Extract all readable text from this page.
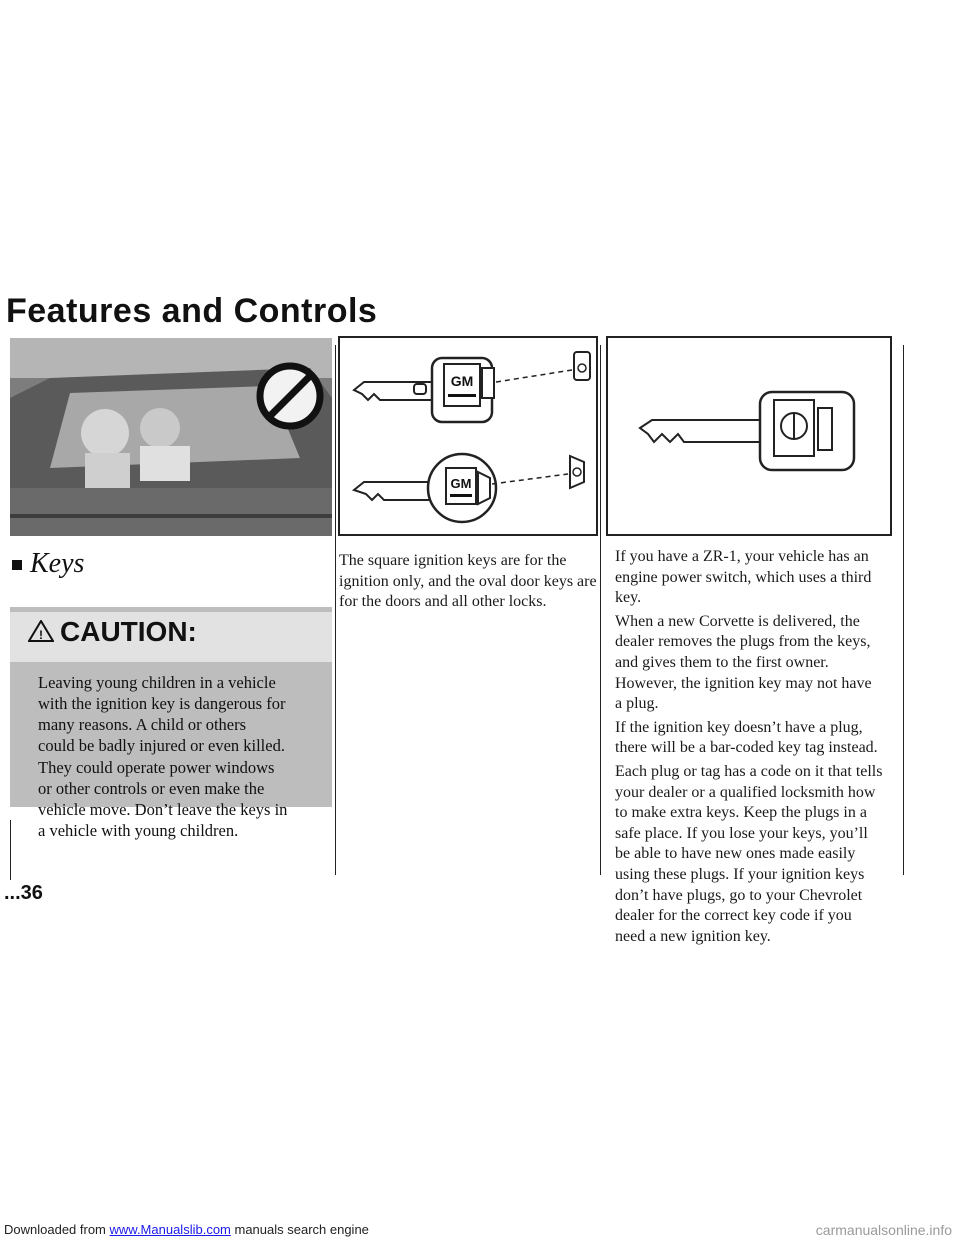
Features and Controls
Keys
! CAUTION:
Leaving young children in a vehicle
with the ignition key is dangerous for
many reasons. A child or others
could be badly injured or even killed.
They could operate power windows
or other controls or even make the
vehicle move. Don’t leave the keys in
a vehicle with young children.
...36
GM
GM
The square ignition keys are for the
ignition only, and the oval door keys are
for the doors and all other locks.

If you have a ZR-1, your vehicle has an
engine power switch, which uses a third
key.

When a new Corvette is delivered, the
dealer removes the plugs from the keys,
and gives them to the first owner.
However, the ignition key may not have
a plug.

If the ignition key doesn’t have a plug,
there will be a bar-coded key tag instead.

Each plug or tag has a code on it that tells
your dealer or a qualified locksmith how
to make extra keys. Keep the plugs in a
safe place. If you lose your keys, you’ll
be able to have new ones made easily
using these plugs. If your ignition keys
don’t have plugs, go to your Chevrolet
dealer for the correct key code if you
need a new ignition key.

Downloaded from www.Manualslib.com manuals search engine	carmanualsonline.info
